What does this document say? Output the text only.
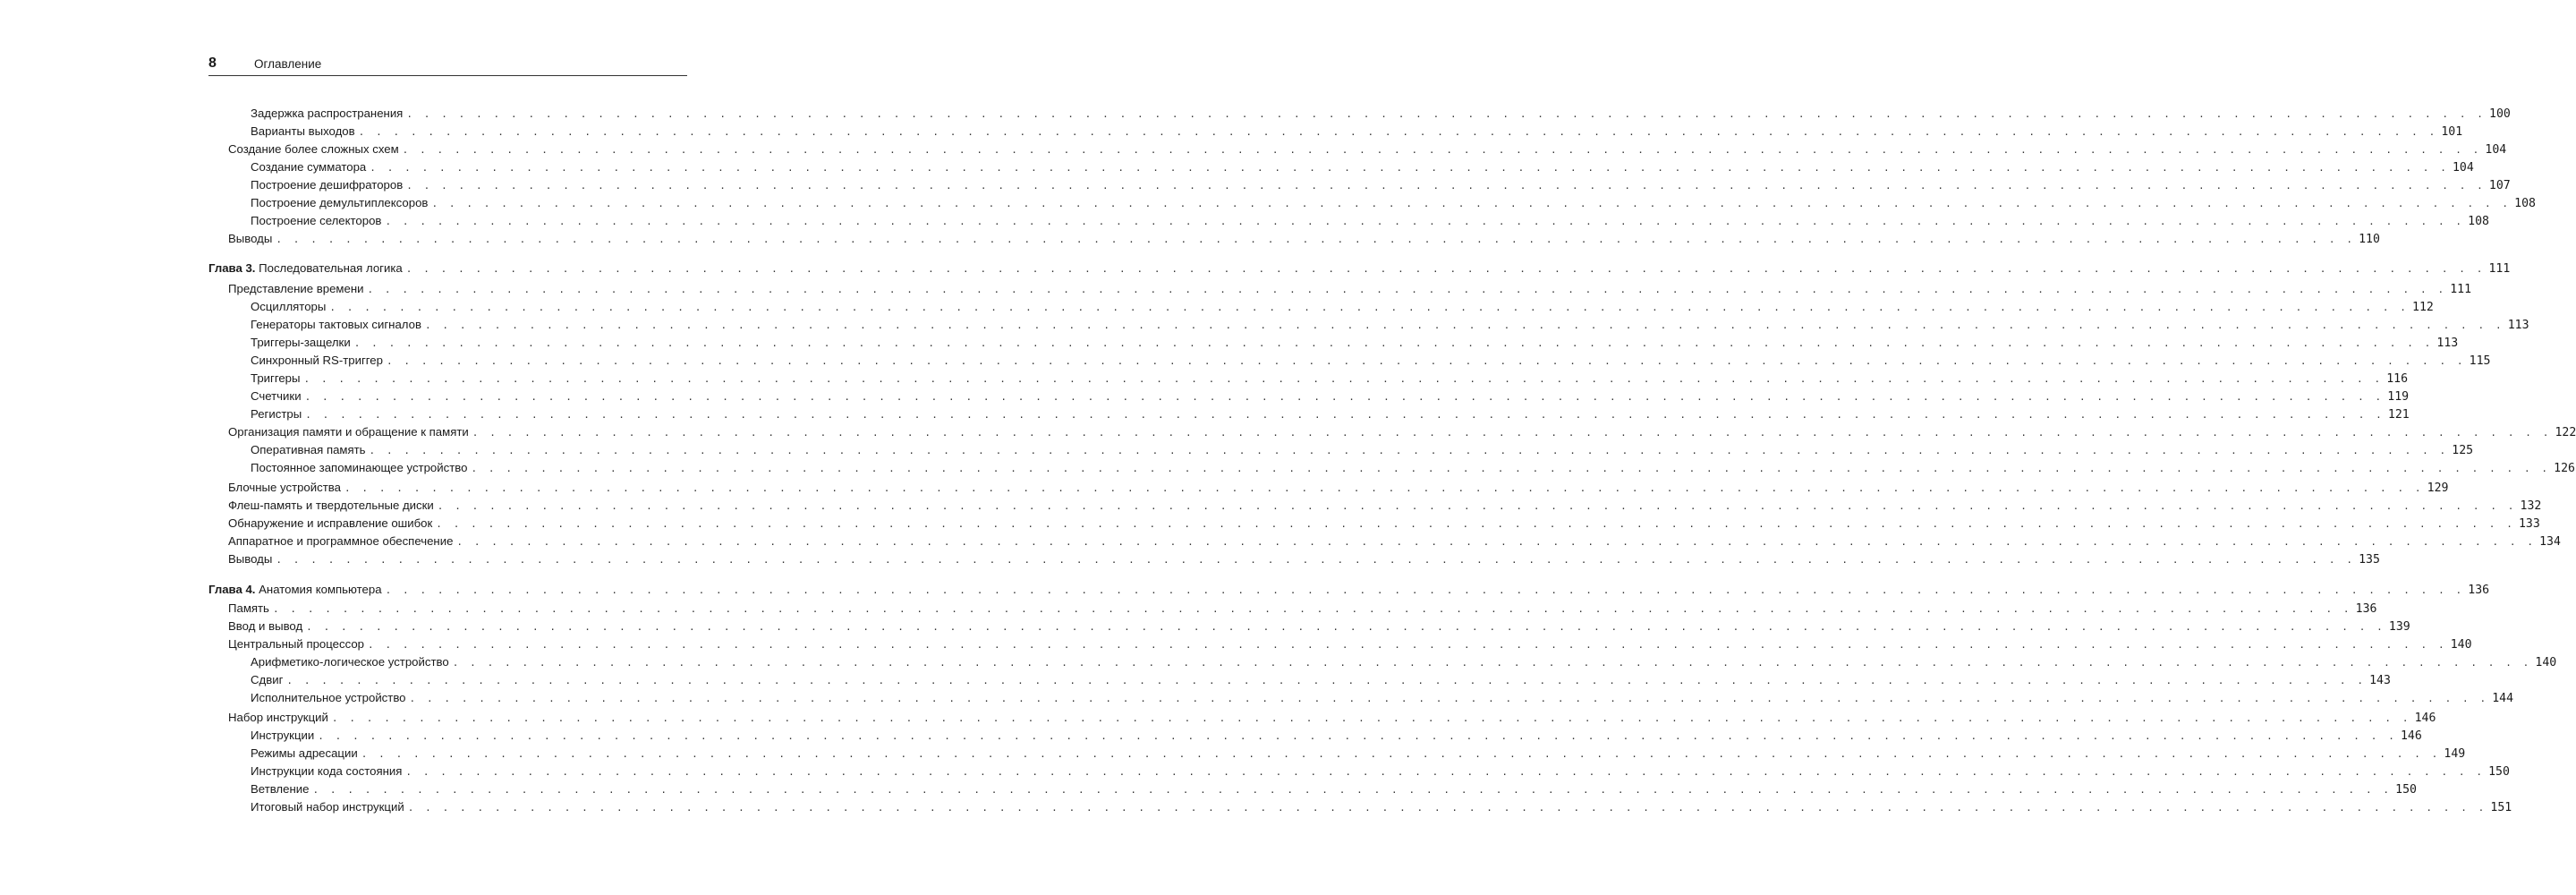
8	Оглавление
Задержка распространения . . . . . . . . . . . . . . . . . . . . . . . . . . . . . . . . . . . . . . . . . . . . . . . . . . . . . . . . . . . . . . . . . . . . . . . . . . . . . . . . . . . . . . . . . . . . . . . . . . . . . . . . . . . . . . . . . . . . . . . . 100
Варианты выходов . . . . . . . . . . . . . . . . . . . . . . . . . . . . . . . . . . . . . . . . . . . . . . . . . . . . . . . . . . . . . . . . . . . . . . . . . . . . . . . . . . . . . . . . . . . . . . . . . . . . . . . . . . . . . . . . . . . . . . . . 101
Создание более сложных схем . . . . . . . . . . . . . . . . . . . . . . . . . . . . . . . . . . . . . . . . . . . . . . . . . . . . . . . . . . . . . . . . . . . . . . . . . . . . . . . . . . . . . . . . . . . . . . . . . . . . . . . . . . . . . . . . . . . . . . . . 104
Создание сумматора . . . . . . . . . . . . . . . . . . . . . . . . . . . . . . . . . . . . . . . . . . . . . . . . . . . . . . . . . . . . . . . . . . . . . . . . . . . . . . . . . . . . . . . . . . . . . . . . . . . . . . . . . . . . . . . . . . . . . . . . 104
Построение дешифраторов . . . . . . . . . . . . . . . . . . . . . . . . . . . . . . . . . . . . . . . . . . . . . . . . . . . . . . . . . . . . . . . . . . . . . . . . . . . . . . . . . . . . . . . . . . . . . . . . . . . . . . . . . . . . . . . . . . . . . . . . 107
Построение демультиплексоров . . . . . . . . . . . . . . . . . . . . . . . . . . . . . . . . . . . . . . . . . . . . . . . . . . . . . . . . . . . . . . . . . . . . . . . . . . . . . . . . . . . . . . . . . . . . . . . . . . . . . . . . . . . . . . . . . . . . . . . . 108
Построение селекторов . . . . . . . . . . . . . . . . . . . . . . . . . . . . . . . . . . . . . . . . . . . . . . . . . . . . . . . . . . . . . . . . . . . . . . . . . . . . . . . . . . . . . . . . . . . . . . . . . . . . . . . . . . . . . . . . . . . . . . . . 108
Выводы . . . . . . . . . . . . . . . . . . . . . . . . . . . . . . . . . . . . . . . . . . . . . . . . . . . . . . . . . . . . . . . . . . . . . . . . . . . . . . . . . . . . . . . . . . . . . . . . . . . . . . . . . . . . . . . . . . . . . . . . 110
Глава 3. Последовательная логика . . . . . . . . . . . . . . . . . . . . . . . . . . . . . . . . . . . . . . . . . . . . . . . . . . . . . . . . . . . . . . . . . . . . . . . . . . . . . . . . . . . . . . . . . . . . . . . . . . . . . . . . . . . . . . . . . . . . . . . . 111
Представление времени . . . . . . . . . . . . . . . . . . . . . . . . . . . . . . . . . . . . . . . . . . . . . . . . . . . . . . . . . . . . . . . . . . . . . . . . . . . . . . . . . . . . . . . . . . . . . . . . . . . . . . . . . . . . . . . . . . . . . . . . 111
Осцилляторы . . . . . . . . . . . . . . . . . . . . . . . . . . . . . . . . . . . . . . . . . . . . . . . . . . . . . . . . . . . . . . . . . . . . . . . . . . . . . . . . . . . . . . . . . . . . . . . . . . . . . . . . . . . . . . . . . . . . . . . . 112
Генераторы тактовых сигналов . . . . . . . . . . . . . . . . . . . . . . . . . . . . . . . . . . . . . . . . . . . . . . . . . . . . . . . . . . . . . . . . . . . . . . . . . . . . . . . . . . . . . . . . . . . . . . . . . . . . . . . . . . . . . . . . . . . . . . . . 113
Триггеры-защелки . . . . . . . . . . . . . . . . . . . . . . . . . . . . . . . . . . . . . . . . . . . . . . . . . . . . . . . . . . . . . . . . . . . . . . . . . . . . . . . . . . . . . . . . . . . . . . . . . . . . . . . . . . . . . . . . . . . . . . . . 113
Синхронный RS-триггер . . . . . . . . . . . . . . . . . . . . . . . . . . . . . . . . . . . . . . . . . . . . . . . . . . . . . . . . . . . . . . . . . . . . . . . . . . . . . . . . . . . . . . . . . . . . . . . . . . . . . . . . . . . . . . . . . . . . . . . . 115
Триггеры . . . . . . . . . . . . . . . . . . . . . . . . . . . . . . . . . . . . . . . . . . . . . . . . . . . . . . . . . . . . . . . . . . . . . . . . . . . . . . . . . . . . . . . . . . . . . . . . . . . . . . . . . . . . . . . . . . . . . . . . 116
Счетчики . . . . . . . . . . . . . . . . . . . . . . . . . . . . . . . . . . . . . . . . . . . . . . . . . . . . . . . . . . . . . . . . . . . . . . . . . . . . . . . . . . . . . . . . . . . . . . . . . . . . . . . . . . . . . . . . . . . . . . . . 119
Регистры . . . . . . . . . . . . . . . . . . . . . . . . . . . . . . . . . . . . . . . . . . . . . . . . . . . . . . . . . . . . . . . . . . . . . . . . . . . . . . . . . . . . . . . . . . . . . . . . . . . . . . . . . . . . . . . . . . . . . . . . 121
Организация памяти и обращение к памяти . . . . . . . . . . . . . . . . . . . . . . . . . . . . . . . . . . . . . . . . . . . . . . . . . . . . . . . . . . . . . . . . . . . . . . . . . . . . . . . . . . . . . . . . . . . . . . . . . . . . . . . . . . . . . . . . . . . . . . . . 122
Оперативная память . . . . . . . . . . . . . . . . . . . . . . . . . . . . . . . . . . . . . . . . . . . . . . . . . . . . . . . . . . . . . . . . . . . . . . . . . . . . . . . . . . . . . . . . . . . . . . . . . . . . . . . . . . . . . . . . . . . . . . . . 125
Постоянное запоминающее устройство . . . . . . . . . . . . . . . . . . . . . . . . . . . . . . . . . . . . . . . . . . . . . . . . . . . . . . . . . . . . . . . . . . . . . . . . . . . . . . . . . . . . . . . . . . . . . . . . . . . . . . . . . . . . . . . . . . . . . . . . 126
Блочные устройства . . . . . . . . . . . . . . . . . . . . . . . . . . . . . . . . . . . . . . . . . . . . . . . . . . . . . . . . . . . . . . . . . . . . . . . . . . . . . . . . . . . . . . . . . . . . . . . . . . . . . . . . . . . . . . . . . . . . . . . . 129
Флеш-память и твердотельные диски . . . . . . . . . . . . . . . . . . . . . . . . . . . . . . . . . . . . . . . . . . . . . . . . . . . . . . . . . . . . . . . . . . . . . . . . . . . . . . . . . . . . . . . . . . . . . . . . . . . . . . . . . . . . . . . . . . . . . . . . 132
Обнаружение и исправление ошибок . . . . . . . . . . . . . . . . . . . . . . . . . . . . . . . . . . . . . . . . . . . . . . . . . . . . . . . . . . . . . . . . . . . . . . . . . . . . . . . . . . . . . . . . . . . . . . . . . . . . . . . . . . . . . . . . . . . . . . . . 133
Аппаратное и программное обеспечение . . . . . . . . . . . . . . . . . . . . . . . . . . . . . . . . . . . . . . . . . . . . . . . . . . . . . . . . . . . . . . . . . . . . . . . . . . . . . . . . . . . . . . . . . . . . . . . . . . . . . . . . . . . . . . . . . . . . . . . . 134
Выводы . . . . . . . . . . . . . . . . . . . . . . . . . . . . . . . . . . . . . . . . . . . . . . . . . . . . . . . . . . . . . . . . . . . . . . . . . . . . . . . . . . . . . . . . . . . . . . . . . . . . . . . . . . . . . . . . . . . . . . . . 135
Глава 4. Анатомия компьютера . . . . . . . . . . . . . . . . . . . . . . . . . . . . . . . . . . . . . . . . . . . . . . . . . . . . . . . . . . . . . . . . . . . . . . . . . . . . . . . . . . . . . . . . . . . . . . . . . . . . . . . . . . . . . . . . . . . . . . . . 136
Память . . . . . . . . . . . . . . . . . . . . . . . . . . . . . . . . . . . . . . . . . . . . . . . . . . . . . . . . . . . . . . . . . . . . . . . . . . . . . . . . . . . . . . . . . . . . . . . . . . . . . . . . . . . . . . . . . . . . . . . . 136
Ввод и вывод . . . . . . . . . . . . . . . . . . . . . . . . . . . . . . . . . . . . . . . . . . . . . . . . . . . . . . . . . . . . . . . . . . . . . . . . . . . . . . . . . . . . . . . . . . . . . . . . . . . . . . . . . . . . . . . . . . . . . . . . 139
Центральный процессор . . . . . . . . . . . . . . . . . . . . . . . . . . . . . . . . . . . . . . . . . . . . . . . . . . . . . . . . . . . . . . . . . . . . . . . . . . . . . . . . . . . . . . . . . . . . . . . . . . . . . . . . . . . . . . . . . . . . . . . . 140
Арифметико-логическое устройство . . . . . . . . . . . . . . . . . . . . . . . . . . . . . . . . . . . . . . . . . . . . . . . . . . . . . . . . . . . . . . . . . . . . . . . . . . . . . . . . . . . . . . . . . . . . . . . . . . . . . . . . . . . . . . . . . . . . . . . . 140
Сдвиг . . . . . . . . . . . . . . . . . . . . . . . . . . . . . . . . . . . . . . . . . . . . . . . . . . . . . . . . . . . . . . . . . . . . . . . . . . . . . . . . . . . . . . . . . . . . . . . . . . . . . . . . . . . . . . . . . . . . . . . . 143
Исполнительное устройство . . . . . . . . . . . . . . . . . . . . . . . . . . . . . . . . . . . . . . . . . . . . . . . . . . . . . . . . . . . . . . . . . . . . . . . . . . . . . . . . . . . . . . . . . . . . . . . . . . . . . . . . . . . . . . . . . . . . . . . . 144
Набор инструкций . . . . . . . . . . . . . . . . . . . . . . . . . . . . . . . . . . . . . . . . . . . . . . . . . . . . . . . . . . . . . . . . . . . . . . . . . . . . . . . . . . . . . . . . . . . . . . . . . . . . . . . . . . . . . . . . . . . . . . . . 146
Инструкции . . . . . . . . . . . . . . . . . . . . . . . . . . . . . . . . . . . . . . . . . . . . . . . . . . . . . . . . . . . . . . . . . . . . . . . . . . . . . . . . . . . . . . . . . . . . . . . . . . . . . . . . . . . . . . . . . . . . . . . . 146
Режимы адресации . . . . . . . . . . . . . . . . . . . . . . . . . . . . . . . . . . . . . . . . . . . . . . . . . . . . . . . . . . . . . . . . . . . . . . . . . . . . . . . . . . . . . . . . . . . . . . . . . . . . . . . . . . . . . . . . . . . . . . . . 149
Инструкции кода состояния . . . . . . . . . . . . . . . . . . . . . . . . . . . . . . . . . . . . . . . . . . . . . . . . . . . . . . . . . . . . . . . . . . . . . . . . . . . . . . . . . . . . . . . . . . . . . . . . . . . . . . . . . . . . . . . . . . . . . . . . 150
Ветвление . . . . . . . . . . . . . . . . . . . . . . . . . . . . . . . . . . . . . . . . . . . . . . . . . . . . . . . . . . . . . . . . . . . . . . . . . . . . . . . . . . . . . . . . . . . . . . . . . . . . . . . . . . . . . . . . . . . . . . . . 150
Итоговый набор инструкций . . . . . . . . . . . . . . . . . . . . . . . . . . . . . . . . . . . . . . . . . . . . . . . . . . . . . . . . . . . . . . . . . . . . . . . . . . . . . . . . . . . . . . . . . . . . . . . . . . . . . . . . . . . . . . . . . . . . . . . . 151
